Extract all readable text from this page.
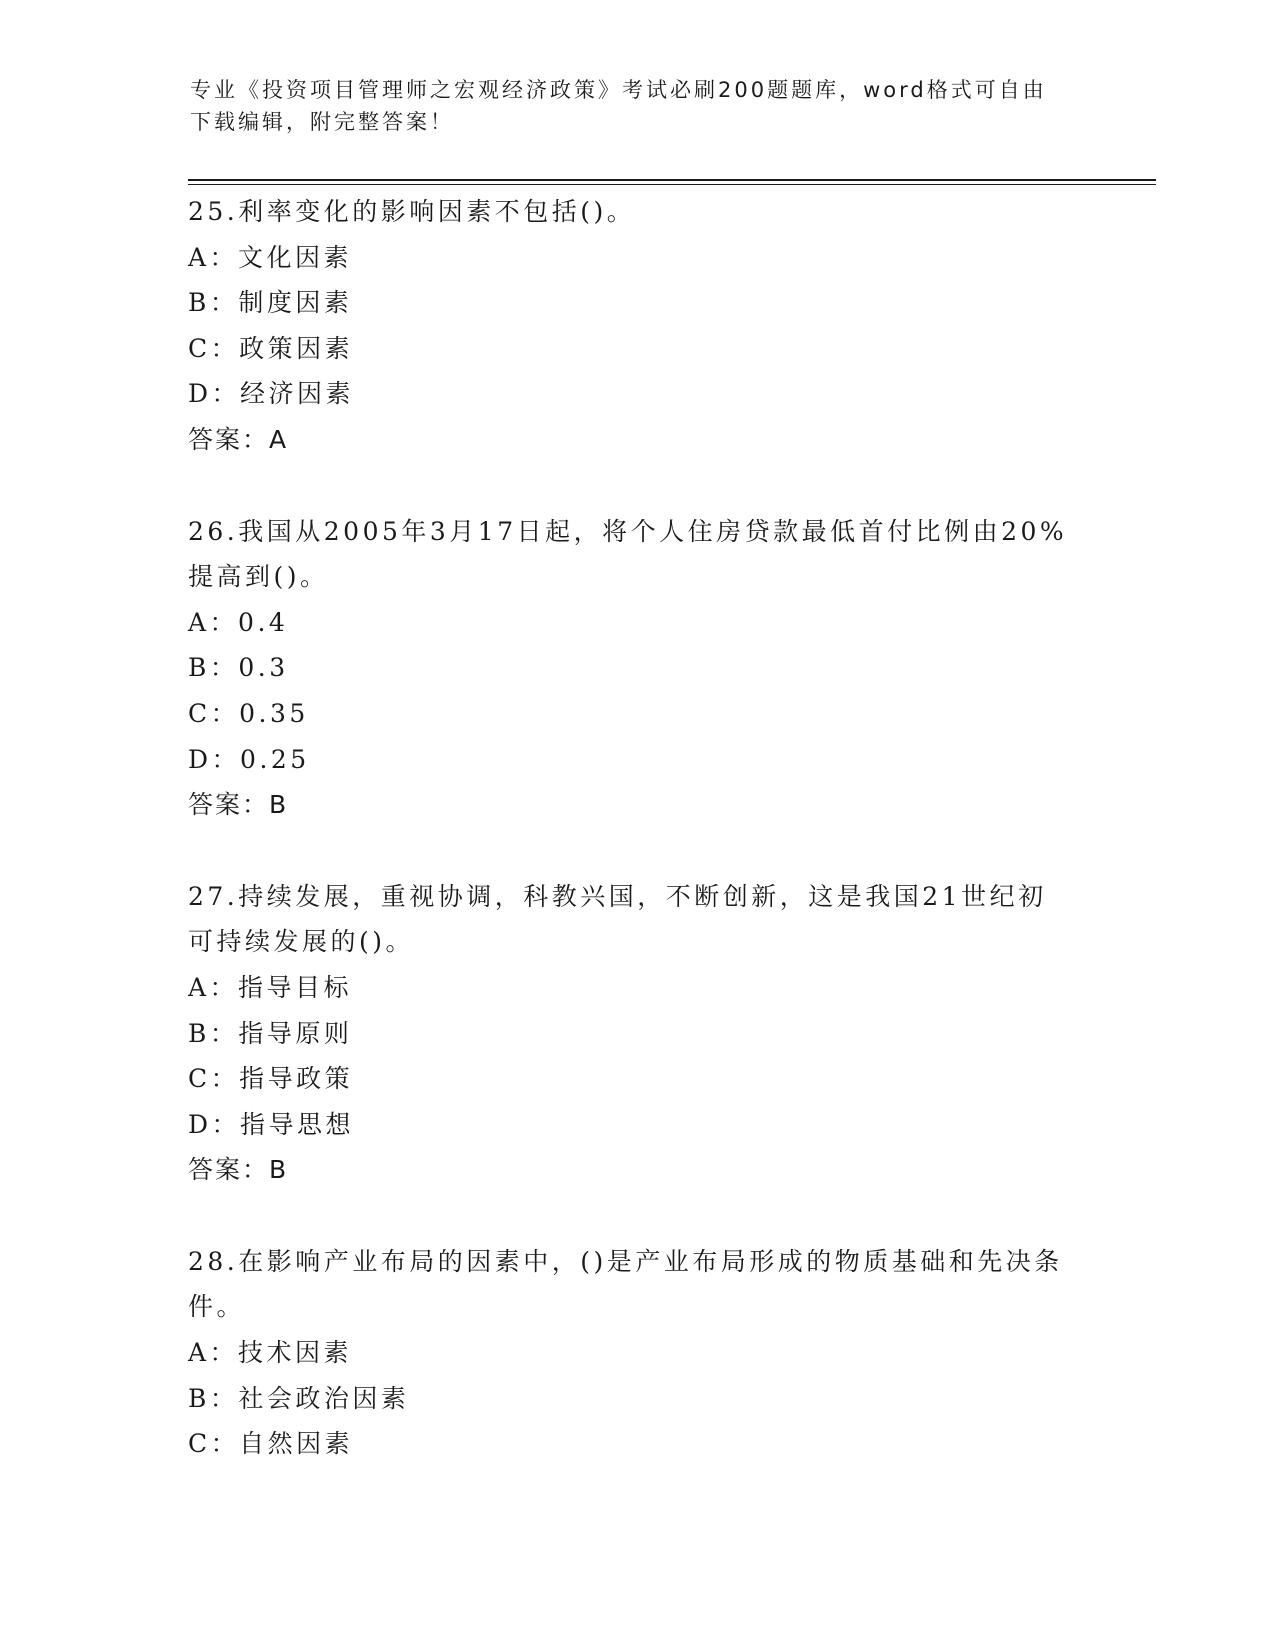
专业《投资项目管理师之宏观经济政策》考试必刷200题题库，word格式可自由
下载编辑，附完整答案！

25.利率变化的影响因素不包括()。

A：文化因素

B：制度因素

C：政策因素

D：经济因素

答案：A

26.我国从2005年3月17日起，将个人住房贷款最低首付比例由20%提高到()。

A：0.4

B：0.3

C：0.35

D：0.25

答案：B

27.持续发展，重视协调，科教兴国，不断创新，这是我国21世纪初可持续发展的()。

A：指导目标

B：指导原则

C：指导政策

D：指导思想

答案：B

28.在影响产业布局的因素中，()是产业布局形成的物质基础和先决条件。

A：技术因素

B：社会政治因素

C：自然因素
